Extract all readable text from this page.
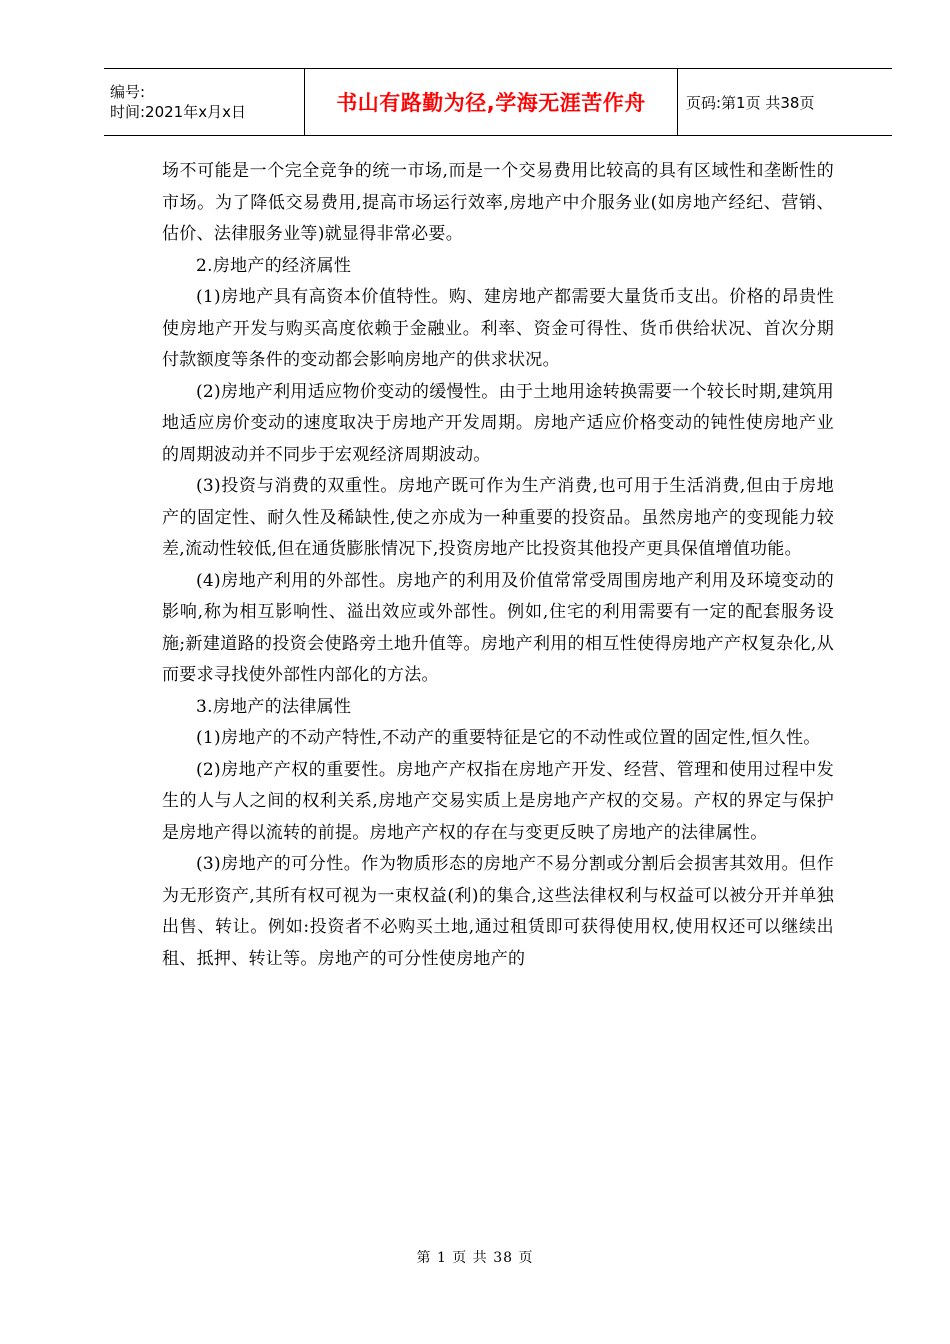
编号:
时间:2021年x月x日	书山有路勤为径,学海无涯苦作舟	页码:第1页 共38页

场不可能是一个完全竞争的统一市场,而是一个交易费用比较高的具有区域性和垄断性的市场。为了降低交易费用,提高市场运行效率,房地产中介服务业(如房地产经纪、营销、估价、法律服务业等)就显得非常必要。

2.房地产的经济属性

(1)房地产具有高资本价值特性。购、建房地产都需要大量货币支出。价格的昂贵性使房地产开发与购买高度依赖于金融业。利率、资金可得性、货币供给状况、首次分期付款额度等条件的变动都会影响房地产的供求状况。

(2)房地产利用适应物价变动的缓慢性。由于土地用途转换需要一个较长时期,建筑用地适应房价变动的速度取决于房地产开发周期。房地产适应价格变动的钝性使房地产业的周期波动并不同步于宏观经济周期波动。

(3)投资与消费的双重性。房地产既可作为生产消费,也可用于生活消费,但由于房地产的固定性、耐久性及稀缺性,使之亦成为一种重要的投资品。虽然房地产的变现能力较差,流动性较低,但在通货膨胀情况下,投资房地产比投资其他投产更具保值增值功能。

(4)房地产利用的外部性。房地产的利用及价值常常受周围房地产利用及环境变动的影响,称为相互影响性、溢出效应或外部性。例如,住宅的利用需要有一定的配套服务设施;新建道路的投资会使路旁土地升值等。房地产利用的相互性使得房地产产权复杂化,从而要求寻找使外部性内部化的方法。

3.房地产的法律属性

(1)房地产的不动产特性,不动产的重要特征是它的不动性或位置的固定性,恒久性。

(2)房地产产权的重要性。房地产产权指在房地产开发、经营、管理和使用过程中发生的人与人之间的权利关系,房地产交易实质上是房地产产权的交易。产权的界定与保护是房地产得以流转的前提。房地产产权的存在与变更反映了房地产的法律属性。

(3)房地产的可分性。作为物质形态的房地产不易分割或分割后会损害其效用。但作为无形资产,其所有权可视为一束权益(利)的集合,这些法律权利与权益可以被分开并单独出售、转让。例如:投资者不必购买土地,通过租赁即可获得使用权,使用权还可以继续出租、抵押、转让等。房地产的可分性使房地产的

第 1 页 共 38 页
